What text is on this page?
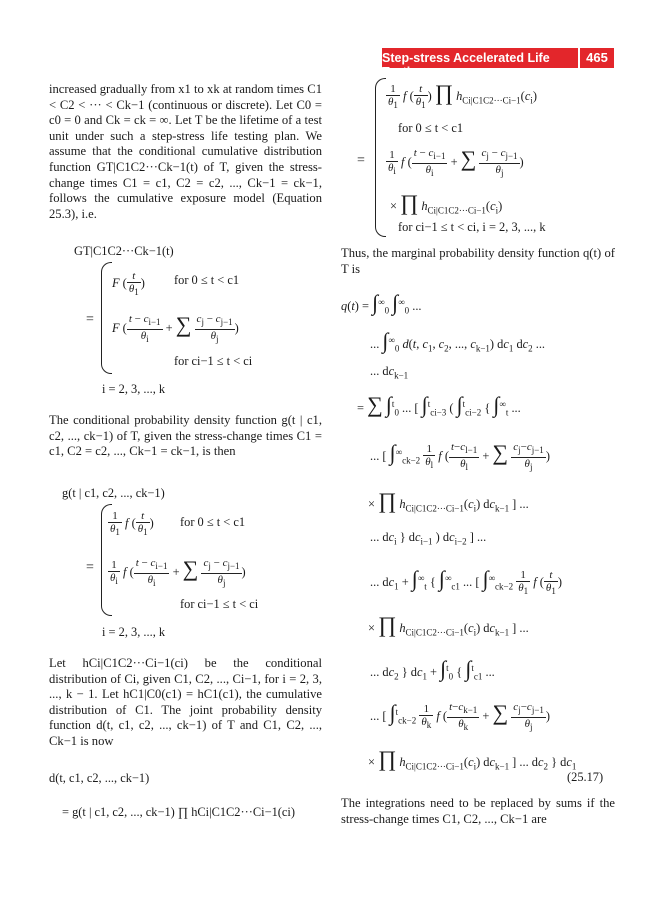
Step-stress Accelerated Life Testing
465
increased gradually from x1 to xk at random times C1 < C2 < ··· < Ck−1 (continuous or discrete). Let C0 = c0 = 0 and Ck = ck = ∞. Let T be the lifetime of a test unit under such a step-stress life testing plan. We assume that the conditional cumulative distribution function GT|C1C2···Ck−1(t) of T, given the stress-change times C1 = c1, C2 = c2, ..., Ck−1 = ck−1, follows the cumulative exposure model (Equation 25.3), i.e.
GT|C1C2···Ck−1(t)
=
F ( $\frac{t}{\theta_1}$ ) for 0 ≤ t < c1
F ( $\frac{t - c_{i-1}}{\theta_i}$ + ∑ $\frac{c_j - c_{j-1}}{\theta_j}$ )
for ci−1 ≤ t < ci
i = 2, 3, ..., k
The conditional probability density function g(t | c1, c2, ..., ck−1) of T, given the stress-change times C1 = c1, C2 = c2, ..., Ck−1 = ck−1, is then
g(t | c1, c2, ..., ck−1)
=
$\frac{1}{\theta_1}$ f ( $\frac{t}{\theta_1}$ ) for 0 ≤ t < c1
$\frac{1}{\theta_i}$ f ( $\frac{t - c_{i-1}}{\theta_i}$ + ∑ $\frac{c_j - c_{j-1}}{\theta_j}$ )
for ci−1 ≤ t < ci
i = 2, 3, ..., k
Let hCi|C1C2···Ci−1(ci) be the conditional distribution of Ci, given C1, C2, ..., Ci−1, for i = 2, 3, ..., k − 1. Let hC1|C0(c1) = hC1(c1), the cumulative distribution of C1. The joint probability density function d(t, c1, c2, ..., ck−1) of T and C1, C2, ..., Ck−1 is now
d(t, c1, c2, ..., ck−1)
= g(t | c1, c2, ..., ck−1) ∏ hCi|C1C2···Ci−1(ci)
=
$\frac{1}{\theta_1}$ f ( $\frac{t}{\theta_1}$ ) ∏ $h_{Ci|C1C2\cdot\cdot\cdot Ci-1}(c_i)$
for 0 ≤ t < c1
$\frac{1}{\theta_i}$ f ( $\frac{t - c_{i-1}}{\theta_i}$ + ∑ $\frac{c_j - c_{j-1}}{\theta_j}$ )
× ∏ $h_{Ci|C1C2\cdot\cdot\cdot Ci-1}(c_i)$
for ci−1 ≤ t < ci, i = 2, 3, ..., k
Thus, the marginal probability density function q(t) of T is
$q(t) = \int^\infty_0$ $\int^\infty_0$ ...
... $\int^\infty_0$ d(t, $c_1$, $c_2$, ..., $c_{k-1}$) $dc_1$ $dc_2$ ...
... $dc_{k-1}$
= ∑ ∫$^t_0$ ... [ ∫$^t_{ci-3}$ ( ∫$^t_{ci-2}$ { $\int^\infty_t$ ...
... [ $\int^\infty_{ck-2} \frac{1}{\theta_l}$ f ( $\frac{t-c_{l-1}}{\theta_l}$ + ∑ $\frac{c_j-c_{j-1}}{\theta_j}$ )
× ∏ $h_{Ci|C1C2\cdot\cdot\cdot Ci-1}(c_i)$ $dc_{k-1}$ ] ...
... $dc_i$ } $dc_{i-1}$ ) $dc_{i-2}$ ] ...
... $dc_1 + \int^\infty_t$ { $\int^\infty_{c1}$ ... [ $\int^\infty_{ck-2} \frac{1}{\theta_1}$ f ( $\frac{t}{\theta_1}$ )
× ∏ $h_{Ci|C1C2\cdot\cdot\cdot Ci-1}(c_i)$ $dc_{k-1}$ ] ...
... $dc_2$ } $dc_1 + \int^t_0$ { ∫$^t_{c1}$ ...
... [ $\int^t_{ck-2} \frac{1}{\theta_k}$ f ( $\frac{t-c_{k-1}}{\theta_k}$ + ∑ $\frac{c_j-c_{j-1}}{\theta_j}$ )
× ∏ $h_{Ci|C1C2\cdot\cdot\cdot Ci-1}(c_i)$ $dc_{k-1}$ ] ... $dc_2$ } $dc_1$
(25.17)
The integrations need to be replaced by sums if the stress-change times C1, C2, ..., Ck−1 are
